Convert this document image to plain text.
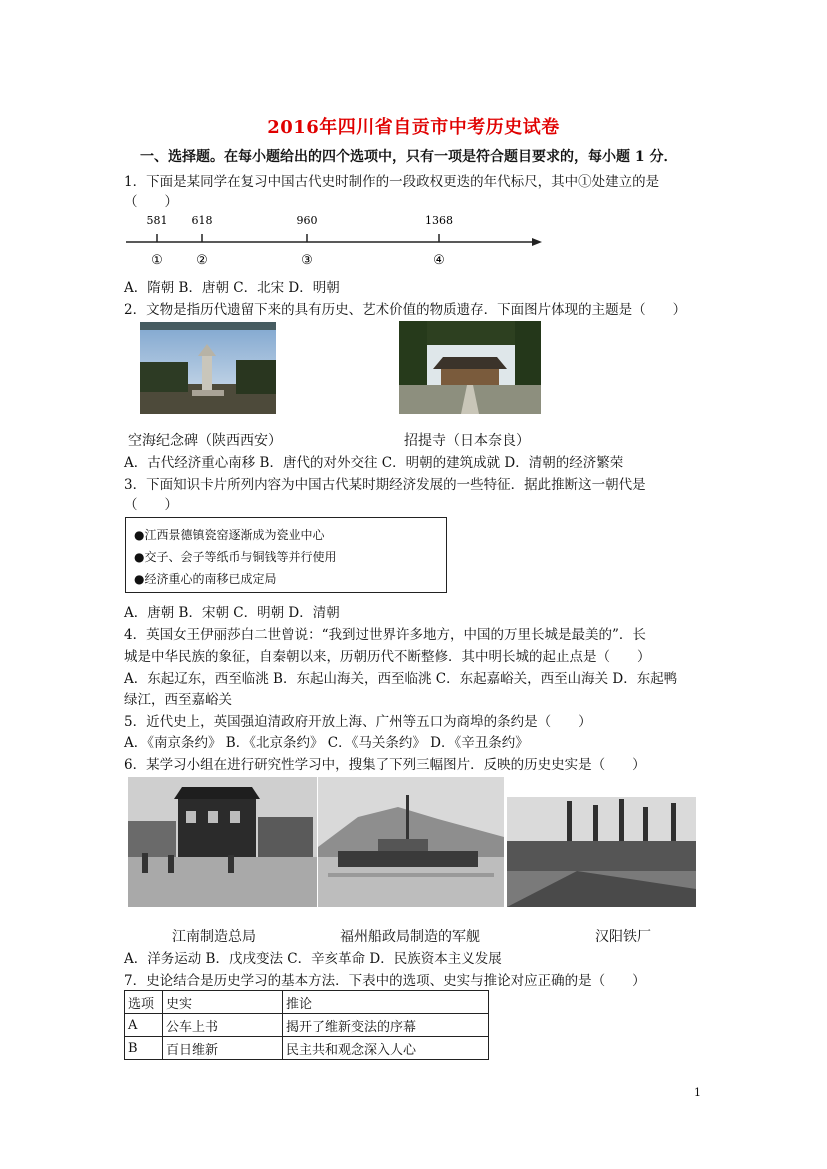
2016年四川省自贡市中考历史试卷
一、选择题。在每小题给出的四个选项中，只有一项是符合题目要求的，每小题 1 分．
1．下面是某同学在复习中国古代史时制作的一段政权更迭的年代标尺，其中①处建立的是
（　　）
581 618	960	1368
①	②	③	④
A．隋朝 B．唐朝 C．北宋 D．明朝
2．文物是指历代遗留下来的具有历史、艺术价值的物质遗存．下面图片体现的主题是（　　）
空海纪念碑（陕西西安）	招提寺（日本奈良）
A．古代经济重心南移 B．唐代的对外交往 C．明朝的建筑成就 D．清朝的经济繁荣
3．下面知识卡片所列内容为中国古代某时期经济发展的一些特征．据此推断这一朝代是
（　　）
●江西景德镇瓷窑逐渐成为瓷业中心
●交子、会子等纸币与铜钱等并行使用
●经济重心的南移已成定局
A．唐朝 B．宋朝 C．明朝 D．清朝
4．英国女王伊丽莎白二世曾说：“我到过世界许多地方，中国的万里长城是最美的”．长
城是中华民族的象征，自秦朝以来，历朝历代不断整修．其中明长城的起止点是（　　）
A．东起辽东，西至临洮 B．东起山海关，西至临洮 C．东起嘉峪关，西至山海关 D．东起鸭
绿江，西至嘉峪关
5．近代史上，英国强迫清政府开放上海、广州等五口为商埠的条约是（　　）
A．《南京条约》 B．《北京条约》 C．《马关条约》 D．《辛丑条约》
6．某学习小组在进行研究性学习中，搜集了下列三幅图片．反映的历史史实是（　　）
江南制造总局	福州船政局制造的军舰	汉阳铁厂
A．洋务运动 B．戊戌变法 C．辛亥革命 D．民族资本主义发展
7．史论结合是历史学习的基本方法．下表中的选项、史实与推论对应正确的是（　　）
选项	史实	推论
A	公车上书	揭开了维新变法的序幕
B	百日维新	民主共和观念深入人心
1
